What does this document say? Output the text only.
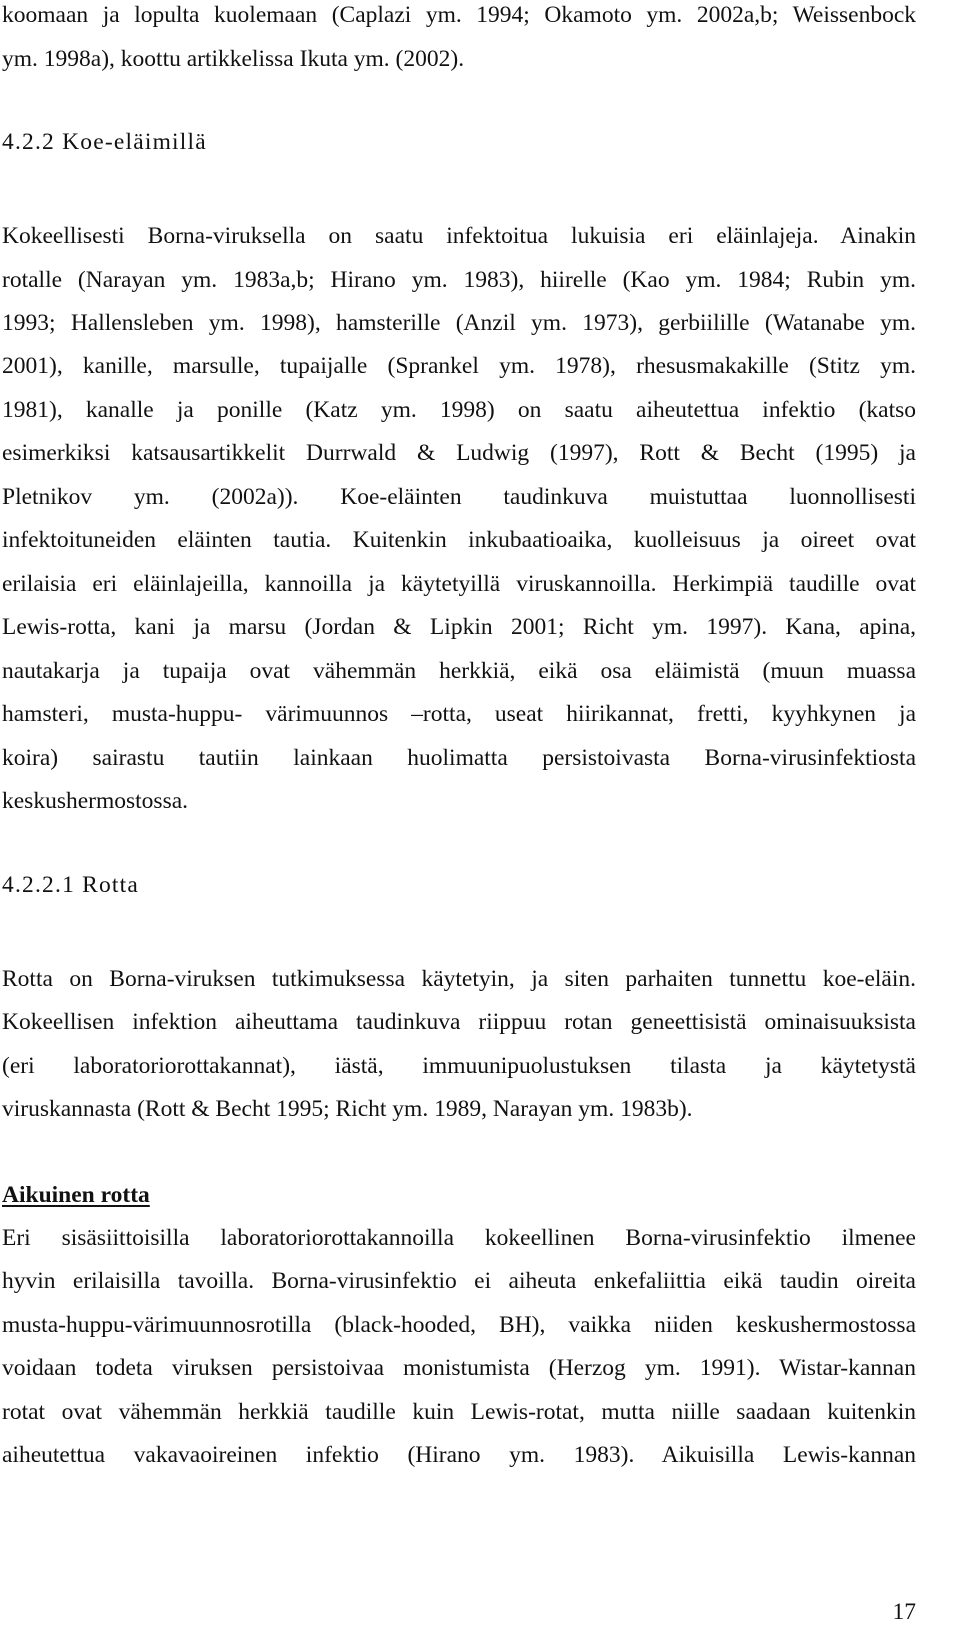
koomaan ja lopulta kuolemaan (Caplazi ym. 1994; Okamoto ym. 2002a,b; Weissenbock
ym. 1998a), koottu artikkelissa Ikuta ym. (2002).
4.2.2 Koe-eläimillä
Kokeellisesti Borna-viruksella on saatu infektoitua lukuisia eri eläinlajeja. Ainakin
rotalle (Narayan ym. 1983a,b; Hirano ym. 1983), hiirelle (Kao ym. 1984; Rubin ym.
1993; Hallensleben ym. 1998), hamsterille (Anzil ym. 1973), gerbiilille (Watanabe ym.
2001), kanille, marsulle, tupaijalle (Sprankel ym. 1978), rhesusmakakille (Stitz ym.
1981), kanalle ja ponille (Katz ym. 1998) on saatu aiheutettua infektio (katso
esimerkiksi katsausartikkelit Durrwald & Ludwig (1997), Rott & Becht (1995) ja
Pletnikov ym. (2002a)). Koe-eläinten taudinkuva muistuttaa luonnollisesti
infektoituneiden eläinten tautia. Kuitenkin inkubaatioaika, kuolleisuus ja oireet ovat
erilaisia eri eläinlajeilla, kannoilla ja käytetyillä viruskannoilla. Herkimpiä taudille ovat
Lewis-rotta, kani ja marsu (Jordan & Lipkin 2001; Richt ym. 1997). Kana, apina,
nautakarja ja tupaija ovat vähemmän herkkiä, eikä osa eläimistä (muun muassa
hamsteri, musta-huppu- värimuunnos –rotta, useat hiirikannat, fretti, kyyhkynen ja
koira) sairastu tautiin lainkaan huolimatta persistoivasta Borna-virusinfektiosta
keskushermostossa.
4.2.2.1 Rotta
Rotta on Borna-viruksen tutkimuksessa käytetyin, ja siten parhaiten tunnettu koe-eläin.
Kokeellisen infektion aiheuttama taudinkuva riippuu rotan geneettisistä ominaisuuksista
(eri laboratoriorottakannat), iästä, immuunipuolustuksen tilasta ja käytetystä
viruskannasta (Rott & Becht 1995; Richt ym. 1989, Narayan ym. 1983b).
Aikuinen rotta
Eri sisäsiittoisilla laboratoriorottakannoilla kokeellinen Borna-virusinfektio ilmenee
hyvin erilaisilla tavoilla. Borna-virusinfektio ei aiheuta enkefaliittia eikä taudin oireita
musta-huppu-värimuunnosrotilla (black-hooded, BH), vaikka niiden keskushermostossa
voidaan todeta viruksen persistoivaa monistumista (Herzog ym. 1991). Wistar-kannan
rotat ovat vähemmän herkkiä taudille kuin Lewis-rotat, mutta niille saadaan kuitenkin
aiheutettua vakavaoireinen infektio (Hirano ym. 1983). Aikuisilla Lewis-kannan
17
